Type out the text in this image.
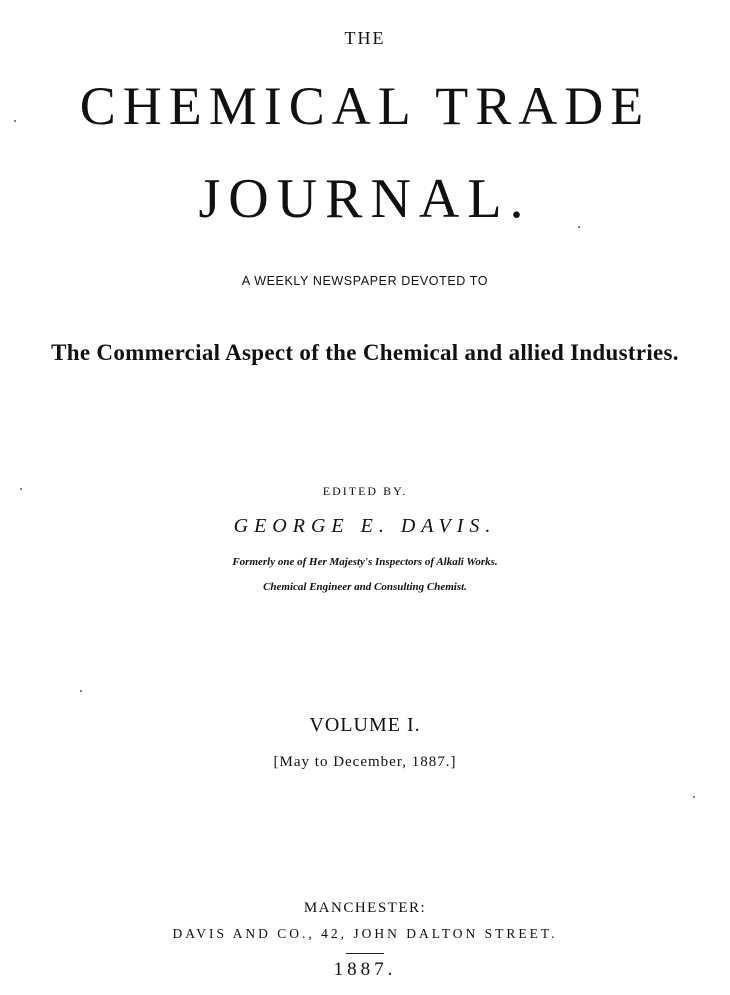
THE
CHEMICAL TRADE
JOURNAL.
A WEEKLY NEWSPAPER DEVOTED TO
The Commercial Aspect of the Chemical and allied Industries.
EDITED BY.
GEORGE E. DAVIS.
Formerly one of Her Majesty's Inspectors of Alkali Works.
Chemical Engineer and Consulting Chemist.
VOLUME I.
[May to December, 1887.]
MANCHESTER:
DAVIS AND CO., 42, JOHN DALTON STREET.
1887.
